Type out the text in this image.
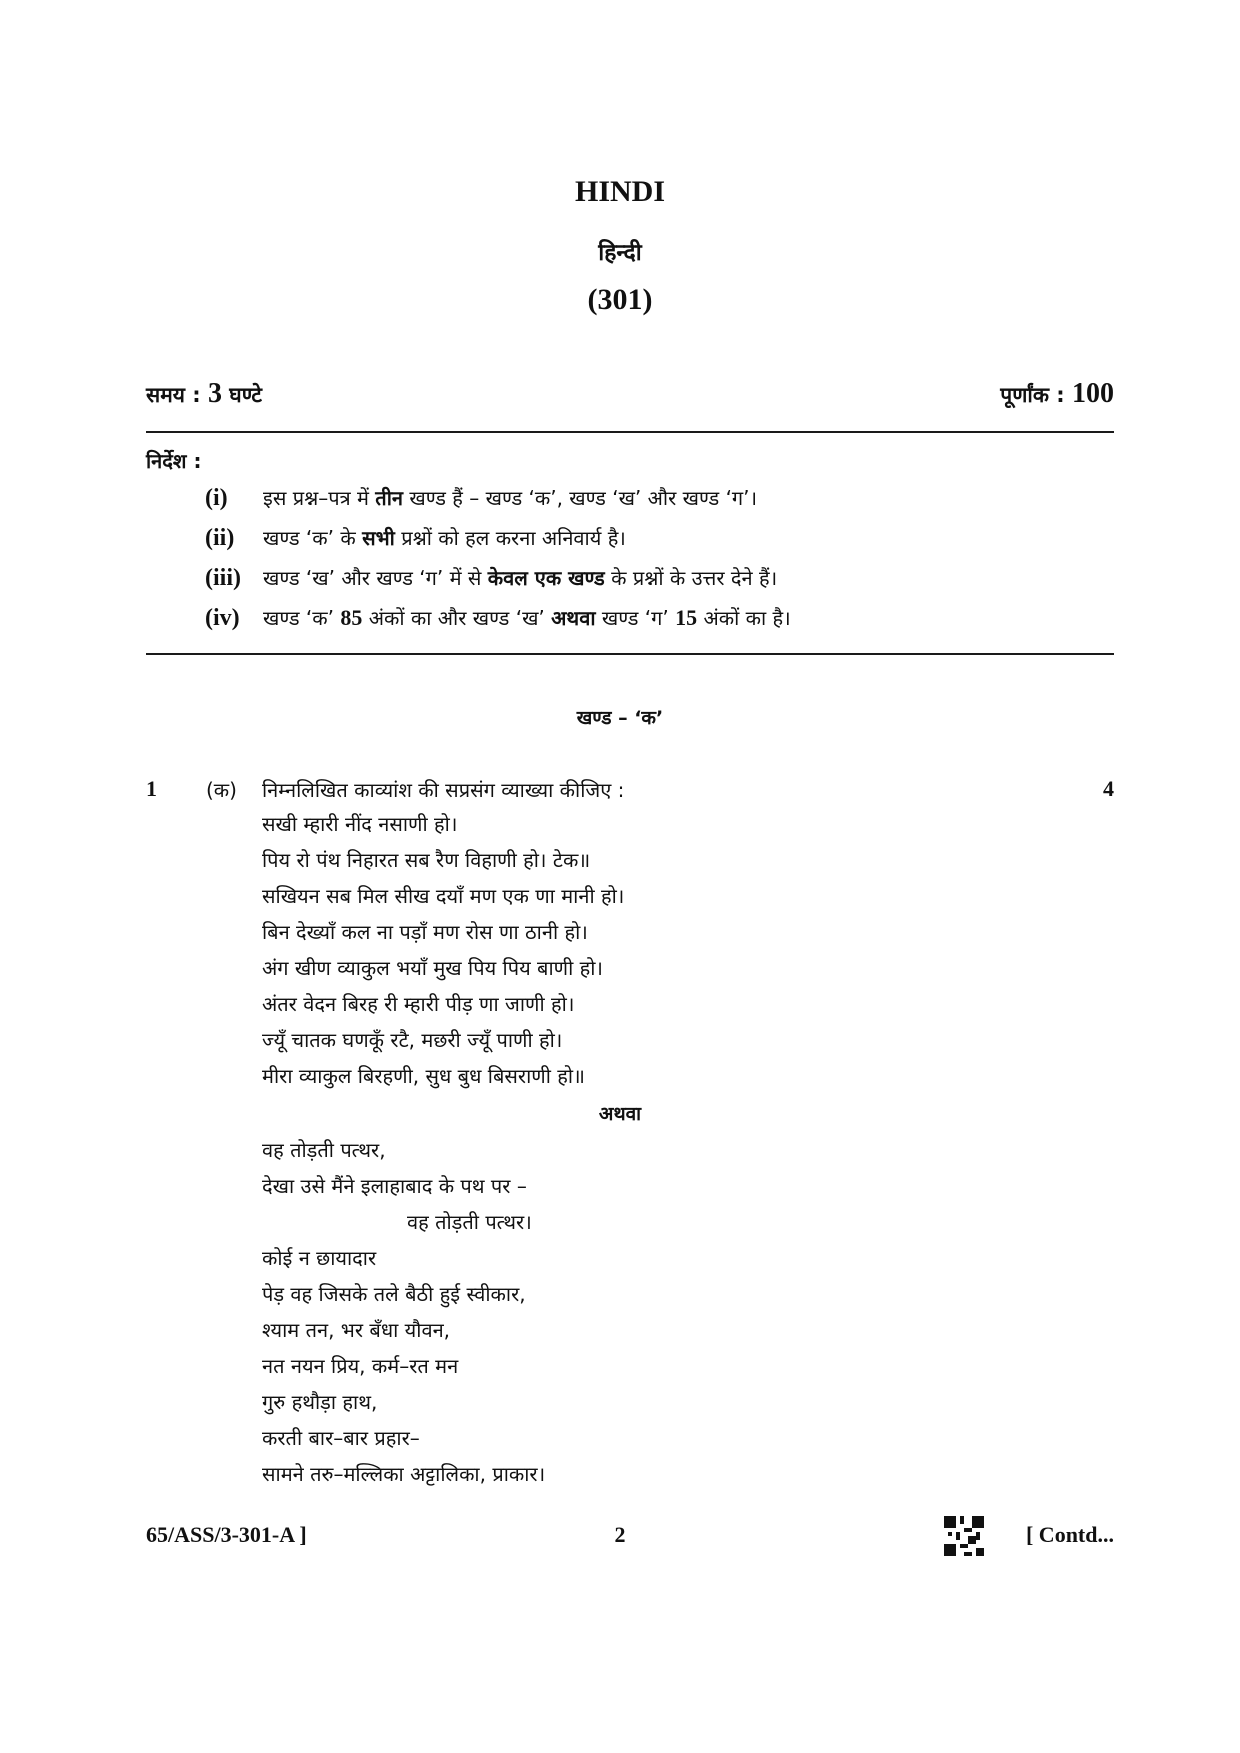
HINDI
हिन्दी
(301)
समय : 3 घण्टे	पूर्णांक : 100
निर्देश :
(i) इस प्रश्न–पत्र में तीन खण्ड हैं – खण्ड ‘क’, खण्ड ‘ख’ और खण्ड ‘ग’।
(ii) खण्ड ‘क’ के सभी प्रश्नों को हल करना अनिवार्य है।
(iii) खण्ड ‘ख’ और खण्ड ‘ग’ में से केवल एक खण्ड के प्रश्नों के उत्तर देने हैं।
(iv) खण्ड ‘क’ 85 अंकों का और खण्ड ‘ख’ अथवा खण्ड ‘ग’ 15 अंकों का है।
खण्ड – ‘क’
1 (क) निम्नलिखित काव्यांश की सप्रसंग व्याख्या कीजिए :	4
सखी म्हारी नींद नसाणी हो।
पिय रो पंथ निहारत सब रैण विहाणी हो। टेक॥
सखियन सब मिल सीख दयाँ मण एक णा मानी हो।
बिन देख्याँ कल ना पड़ाँ मण रोस णा ठानी हो।
अंग खीण व्याकुल भयाँ मुख पिय पिय बाणी हो।
अंतर वेदन बिरह री म्हारी पीड़ णा जाणी हो।
ज्यूँ चातक घणकूँ रटै, मछरी ज्यूँ पाणी हो।
मीरा व्याकुल बिरहणी, सुध बुध बिसराणी हो॥
अथवा
वह तोड़ती पत्थर,
देखा उसे मैंने इलाहाबाद के पथ पर –
वह तोड़ती पत्थर।
कोई न छायादार
पेड़ वह जिसके तले बैठी हुई स्वीकार,
श्याम तन, भर बँधा यौवन,
नत नयन प्रिय, कर्म–रत मन
गुरु हथौड़ा हाथ,
करती बार–बार प्रहार–
सामने तरु–मल्लिका अट्टालिका, प्राकार।
65/ASS/3-301-A ]	2	[ Contd...
